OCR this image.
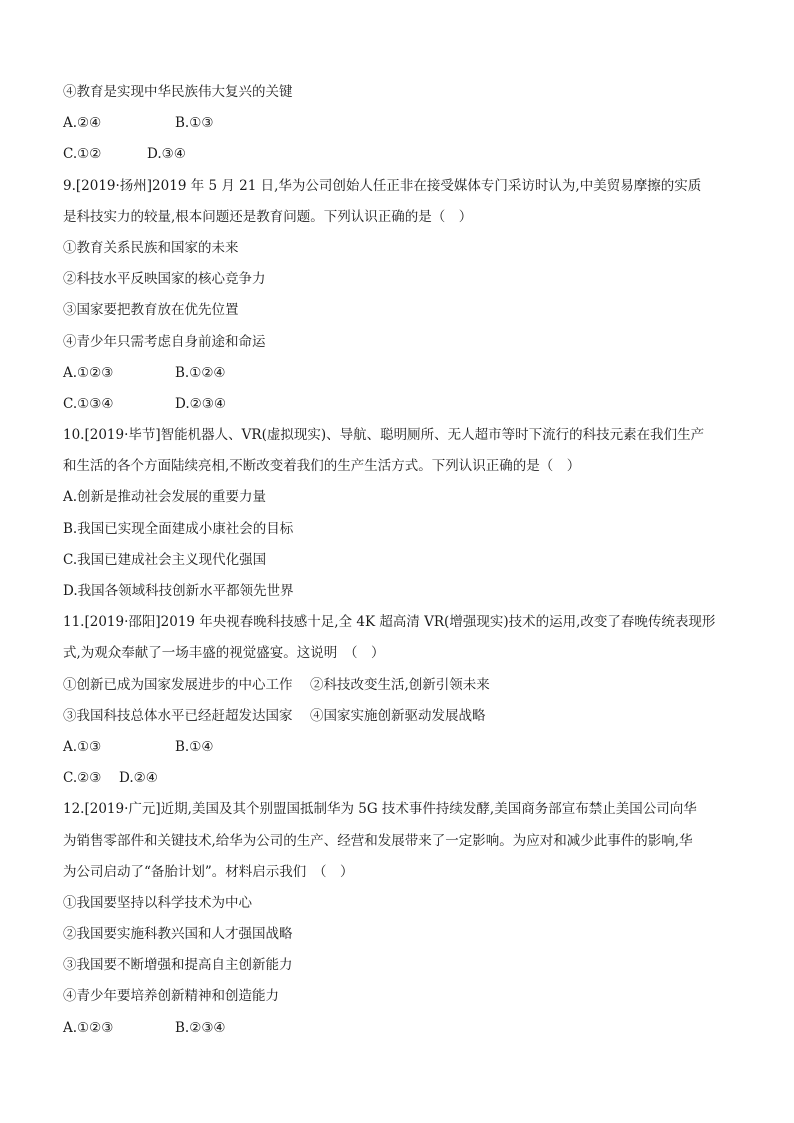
④教育是实现中华民族伟大复兴的关键
A.②④	B.①③
C.①②	D.③④
9.[2019·扬州]2019 年 5 月 21 日,华为公司创始人任正非在接受媒体专门采访时认为,中美贸易摩擦的实质
是科技实力的较量,根本问题还是教育问题。下列认识正确的是（　）
①教育关系民族和国家的未来
②科技水平反映国家的核心竞争力
③国家要把教育放在优先位置
④青少年只需考虑自身前途和命运
A.①②③	B.①②④
C.①③④	D.②③④
10.[2019·毕节]智能机器人、VR(虚拟现实)、导航、聪明厕所、无人超市等时下流行的科技元素在我们生产
和生活的各个方面陆续亮相,不断改变着我们的生产生活方式。下列认识正确的是（　）
A.创新是推动社会发展的重要力量
B.我国已实现全面建成小康社会的目标
C.我国已建成社会主义现代化强国
D.我国各领域科技创新水平都领先世界
11.[2019·邵阳]2019 年央视春晚科技感十足,全 4K 超高清 VR(增强现实)技术的运用,改变了春晚传统表现形
式,为观众奉献了一场丰盛的视觉盛宴。这说明　（　）
①创新已成为国家发展进步的中心工作	②科技改变生活,创新引领未来
③我国科技总体水平已经赶超发达国家	④国家实施创新驱动发展战略
A.①③	B.①④
C.②③	D.②④
12.[2019·广元]近期,美国及其个别盟国抵制华为 5G 技术事件持续发酵,美国商务部宣布禁止美国公司向华
为销售零部件和关键技术,给华为公司的生产、经营和发展带来了一定影响。为应对和减少此事件的影响,华
为公司启动了“备胎计划”。材料启示我们　（　）
①我国要坚持以科学技术为中心
②我国要实施科教兴国和人才强国战略
③我国要不断增强和提高自主创新能力
④青少年要培养创新精神和创造能力
A.①②③	B.②③④
